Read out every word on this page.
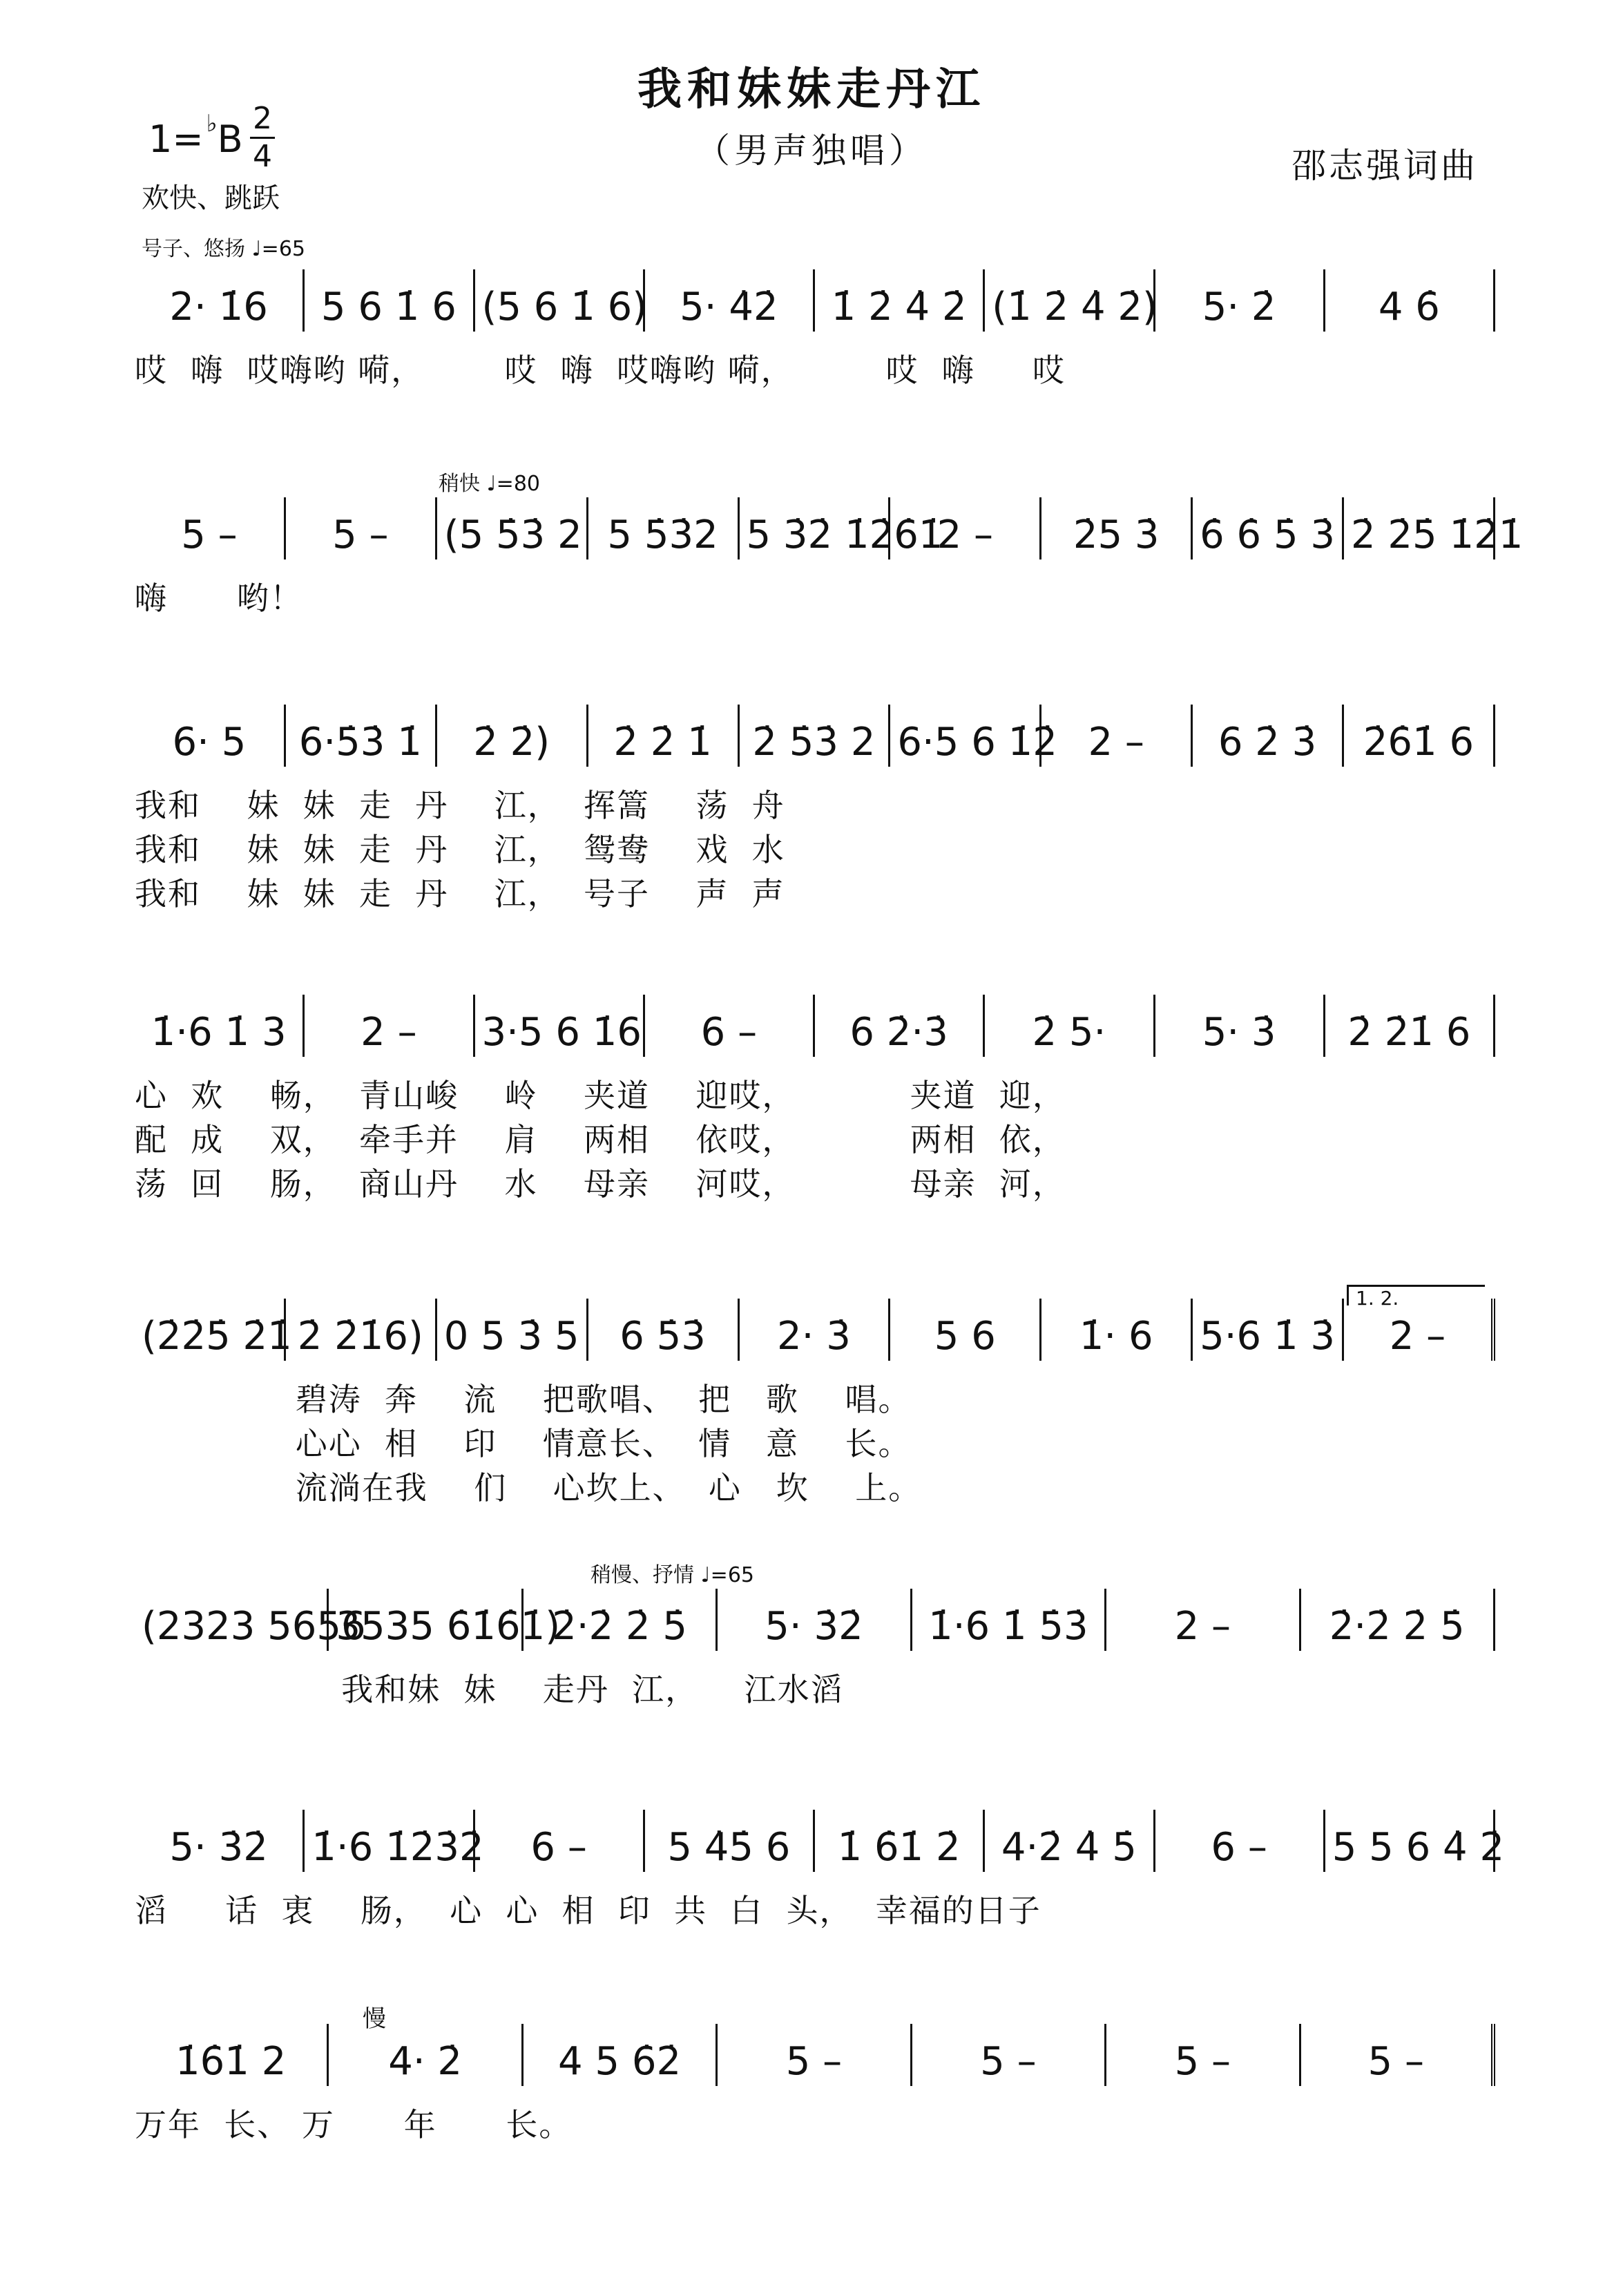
我和妹妹走丹江
（男声独唱）
1= ♭B 2
4
欢快、跳跃
号子、悠扬 ♩=65
邵志强词曲
稍快 ♩=80
稍慢、抒情 ♩=65
慢
1. 2.
2· 1̇6	5 6 1̇ 6 (5 6 1̇ 6) 5· 4̇2̇	1̇ 2̇ 4̇ 2̇ (1̇ 2̇ 4̇ 2̇)	5· 2̇	4 6̇
哎  嗨  哎嗨哟 嗬，       哎  嗨  哎嗨哟 嗬，        哎  嗨     哎
5 –	5 –	(5 5̇3̇ 2 5 5̇3̇2 5 3̇2̇ 1̇2̇6̇1̇
2 –	2̇5 3̇	6̇ 6̇ 5̇ 3̇ 2̇ 2̇5̇ 1̇2̇1̇
嗨      哟！
6· 5	6·5̇3̇ 1̇	2̇ 2̇)	2̇ 2̇ 1̇	2̇ 5̇3̇ 2 6·5 6 1̇2̇ 2 –	6 2̇ 3̇	2̇6̇1̇ 6
我和    妹  妹  走  丹    江，  挥篙    荡  舟
我和    妹  妹  走  丹    江，  鸳鸯    戏  水
我和    妹  妹  走  丹    江，  号子    声  声
1̇·6 1̇ 3	2 –	3·5 6 1̇6	6 –	6 2̇·3̇	2̇ 5·	5· 3̇	2̇ 2̇1̇ 6
心  欢    畅，  青山峻    岭    夹道    迎哎，          夹道  迎，
配  成    双，  牵手并    肩    两相    依哎，          两相  依，
荡  回    肠，  商山丹    水    母亲    河哎，          母亲  河，
(2̇2̇5̇ 2̇1̇ 2̇ 2̇1̇6) 0 5 3̇ 5	6 5̇3̇	2· 3̇	5 6	1̇· 6	5·6 1̇ 3̇	2 –
碧涛  奔    流    把歌唱、  把   歌    唱。
心心  相    印    情意长、  情   意    长。
流淌在我    们    心坎上、  心   坎    上。
(2323 5656
3535 6̇1̇6̇1̇)
2̇·2̇ 2̇ 5̇	5· 3̇2̇	1̇·6 1̇ 5̇3̇	2 –	2̇·2̇ 2̇ 5̇
我和妹  妹    走丹  江，    江水滔
5· 3̇2̇	1̇·6 1̇2̇3̇2̇	6 –	5 4̇5̇ 6	1̇ 6̇1̇ 2̇	4·2̇ 4̇ 5̇	6 –	5 5 6 4̇ 2̇
滔     话  衷    肠，  心  心  相  印  共  白  头，  幸福的日子
1̇6̇1̇ 2	4· 2̇	4 5 6̇2̇	5 –	5 –	5 –	5 –
万年  长、 万      年      长。
